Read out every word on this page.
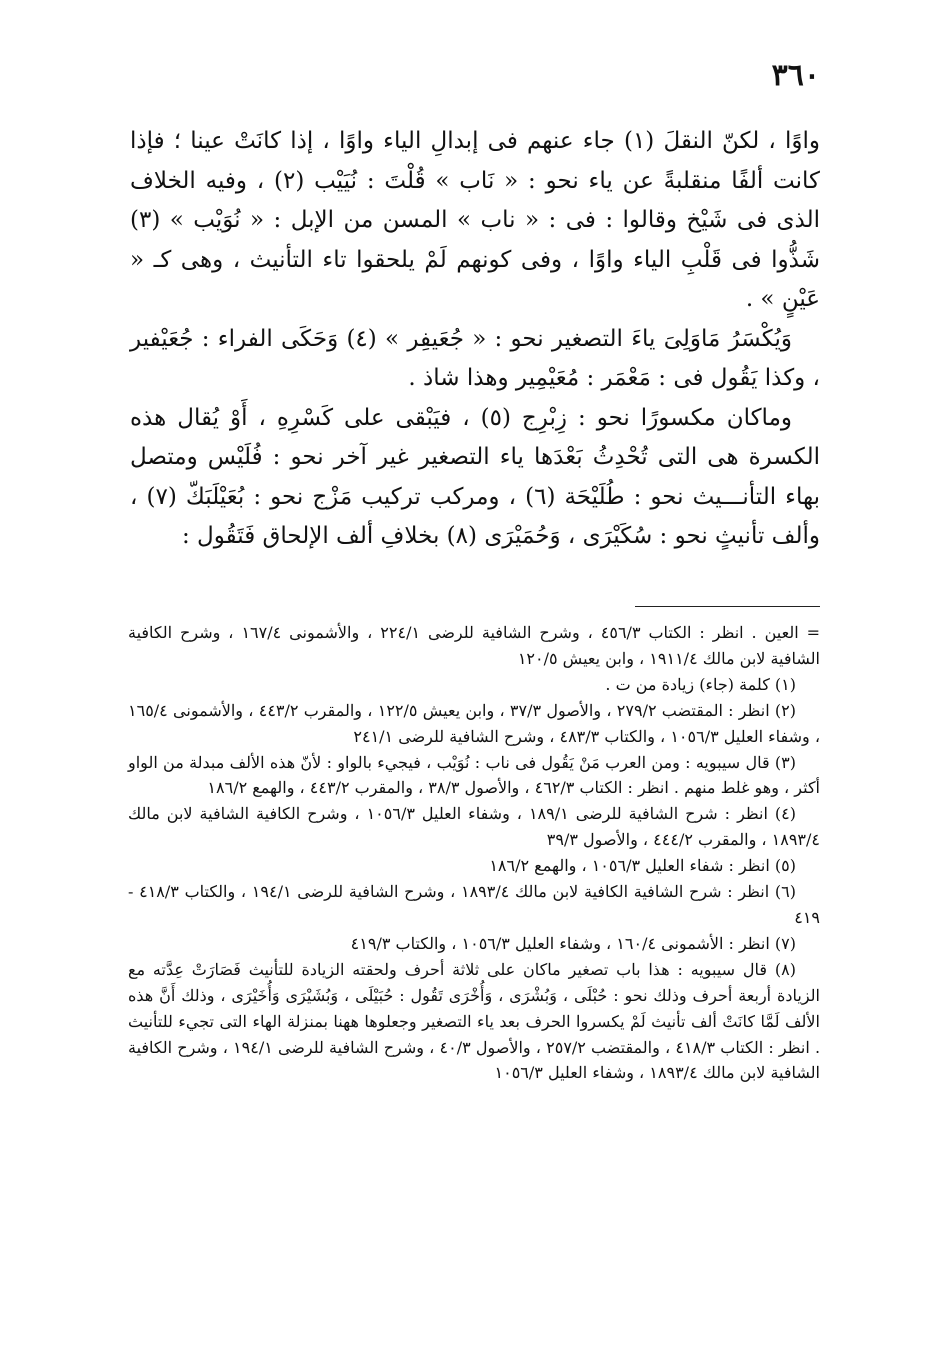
٣٦٠

واوًا ، لكنّ النقلَ (١) جاء عنهم فى إبدالِ الياء واوًا ، إذا كانَتْ عينا ؛ فإذا كانت ألفًا منقلبةً عن ياء نحو : « نَاب » قُلْتَ : نُيَيْب (٢) ، وفيه الخلاف الذى فى شَيْخ وقالوا : فى : « ناب » المسن من الإبل : « نُوَيْب » (٣) شَذُّوا فى قَلْبِ الياء واوًا ، وفى كونهم لَمْ يلحقوا تاء التأنيث ، وهى كـ « عَيْنٍ » .

وَيُكْسَرُ مَاوَلِىَ ياءَ التصغير نحو : « جُعَيفِر » (٤) وَحَكَى الفراء : جُعَيْفير ، وكذا يَقُول فى : مَعْمَر : مُعَيْمِير وهذا شاذ .

وماكان مكسورًا نحو : زِبْرِج (٥) ، فيَبْقى على كَسْرِهِ ، أَوْ يُقال هذه الكسرة هى التى تُحْدِثُ بَعْدَها ياء التصغير غير آخر نحو : فُلَيْس ومتصل بهاء التأنـــيث نحو : طُلَيْحَة (٦) ، ومركب تركيب مَزْج نحو : بُعَيْلَبَكّ (٧) ، وألف تأنيثٍ نحو : سُكَيْرَى ، وَحُمَيْرَى (٨) بخلافِ ألف الإلحاق فَتَقُول :

= العين . انظر : الكتاب ٤٥٦/٣ ، وشرح الشافية للرضى ٢٢٤/١ ، والأشمونى ١٦٧/٤ ، وشرح الكافية الشافية لابن مالك ١٩١١/٤ ، وابن يعيش ١٢٠/٥

(١) كلمة (جاء) زيادة من ت .

(٢) انظر : المقتضب ٢٧٩/٢ ، والأصول ٣٧/٣ ، وابن يعيش ١٢٢/٥ ، والمقرب ٤٤٣/٢ ، والأشمونى ١٦٥/٤ ، وشفاء العليل ١٠٥٦/٣ ، والكتاب ٤٨٣/٣ ، وشرح الشافية للرضى ٢٤١/١

(٣) قال سيبويه : ومن العرب مَنْ يَقُول فى ناب : نُوَيْب ، فيجيء بالواو : لأنّ هذه الألف مبدلة من الواو أكثر ، وهو غلط منهم . انظر : الكتاب ٤٦٢/٣ ، والأصول ٣٨/٣ ، والمقرب ٤٤٣/٢ ، والهمع ١٨٦/٢

(٤) انظر : شرح الشافية للرضى ١٨٩/١ ، وشفاء العليل ١٠٥٦/٣ ، وشرح الكافية الشافية لابن مالك ١٨٩٣/٤ ، والمقرب ٤٤٤/٢ ، والأصول ٣٩/٣

(٥) انظر : شفاء العليل ١٠٥٦/٣ ، والهمع ١٨٦/٢

(٦) انظر : شرح الشافية الكافية لابن مالك ١٨٩٣/٤ ، وشرح الشافية للرضى ١٩٤/١ ، والكتاب ٤١٨/٣ - ٤١٩

(٧) انظر : الأشمونى ١٦٠/٤ ، وشفاء العليل ١٠٥٦/٣ ، والكتاب ٤١٩/٣

(٨) قال سيبويه : هذا باب تصغير ماكان على ثلاثة أحرف ولحقته الزيادة للتأنيث فَصَارَتْ عِدَّته مع الزيادة أربعة أحرف وذلك نحو : حُبْلَى ، وَبُشْرَى ، وَأُخْرَى تَقُول : حُبَيْلَى ، وَبُشَيْرَى وَأُخَيْرَى ، وذلك أَنَّ هذه الألف لَمَّا كانَتْ ألف تأنيث لَمْ يكسروا الحرف بعد ياء التصغير وجعلوها ههنا بمنزلة الهاء التى تجيء للتأنيث . انظر : الكتاب ٤١٨/٣ ، والمقتضب ٢٥٧/٢ ، والأصول ٤٠/٣ ، وشرح الشافية للرضى ١٩٤/١ ، وشرح الكافية الشافية لابن مالك ١٨٩٣/٤ ، وشفاء العليل ١٠٥٦/٣
